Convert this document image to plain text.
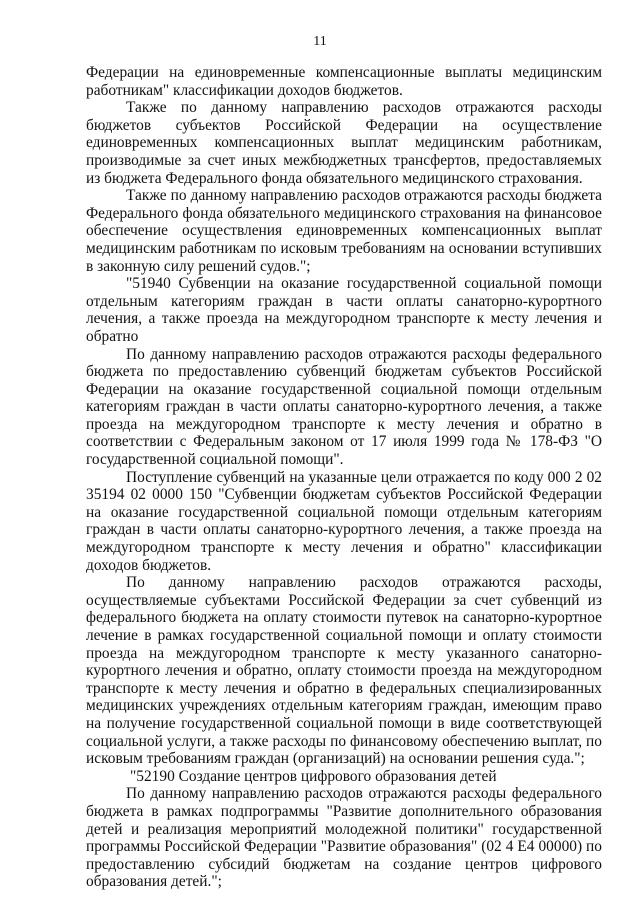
11

Федерации на единовременные компенсационные выплаты медицинским работникам" классификации доходов бюджетов.

Также по данному направлению расходов отражаются расходы бюджетов субъектов Российской Федерации на осуществление единовременных компенсационных выплат медицинским работникам, производимые за счет иных межбюджетных трансфертов, предоставляемых из бюджета Федерального фонда обязательного медицинского страхования.

Также по данному направлению расходов отражаются расходы бюджета Федерального фонда обязательного медицинского страхования на финансовое обеспечение осуществления единовременных компенсационных выплат медицинским работникам по исковым требованиям на основании вступивших в законную силу решений судов.";

"51940 Субвенции на оказание государственной социальной помощи отдельным категориям граждан в части оплаты санаторно-курортного лечения, а также проезда на междугородном транспорте к месту лечения и обратно

По данному направлению расходов отражаются расходы федерального бюджета по предоставлению субвенций бюджетам субъектов Российской Федерации на оказание государственной социальной помощи отдельным категориям граждан в части оплаты санаторно-курортного лечения, а также проезда на междугородном транспорте к месту лечения и обратно в соответствии с Федеральным законом от 17 июля 1999 года № 178-ФЗ "О государственной социальной помощи".

Поступление субвенций на указанные цели отражается по коду 000 2 02 35194 02 0000 150 "Субвенции бюджетам субъектов Российской Федерации на оказание государственной социальной помощи отдельным категориям граждан в части оплаты санаторно-курортного лечения, а также проезда на междугородном транспорте к месту лечения и обратно" классификации доходов бюджетов.

По данному направлению расходов отражаются расходы, осуществляемые субъектами Российской Федерации за счет субвенций из федерального бюджета на оплату стоимости путевок на санаторно-курортное лечение в рамках государственной социальной помощи и оплату стоимости проезда на междугородном транспорте к месту указанного санаторно-курортного лечения и обратно, оплату стоимости проезда на междугородном транспорте к месту лечения и обратно в федеральных специализированных медицинских учреждениях отдельным категориям граждан, имеющим право на получение государственной социальной помощи в виде соответствующей социальной услуги, а также расходы по финансовому обеспечению выплат, по исковым требованиям граждан (организаций) на основании решения суда.";

"52190 Создание центров цифрового образования детей

По данному направлению расходов отражаются расходы федерального бюджета в рамках подпрограммы "Развитие дополнительного образования детей и реализация мероприятий молодежной политики" государственной программы Российской Федерации "Развитие образования" (02 4 Е4 00000) по предоставлению субсидий бюджетам на создание центров цифрового образования детей.";
